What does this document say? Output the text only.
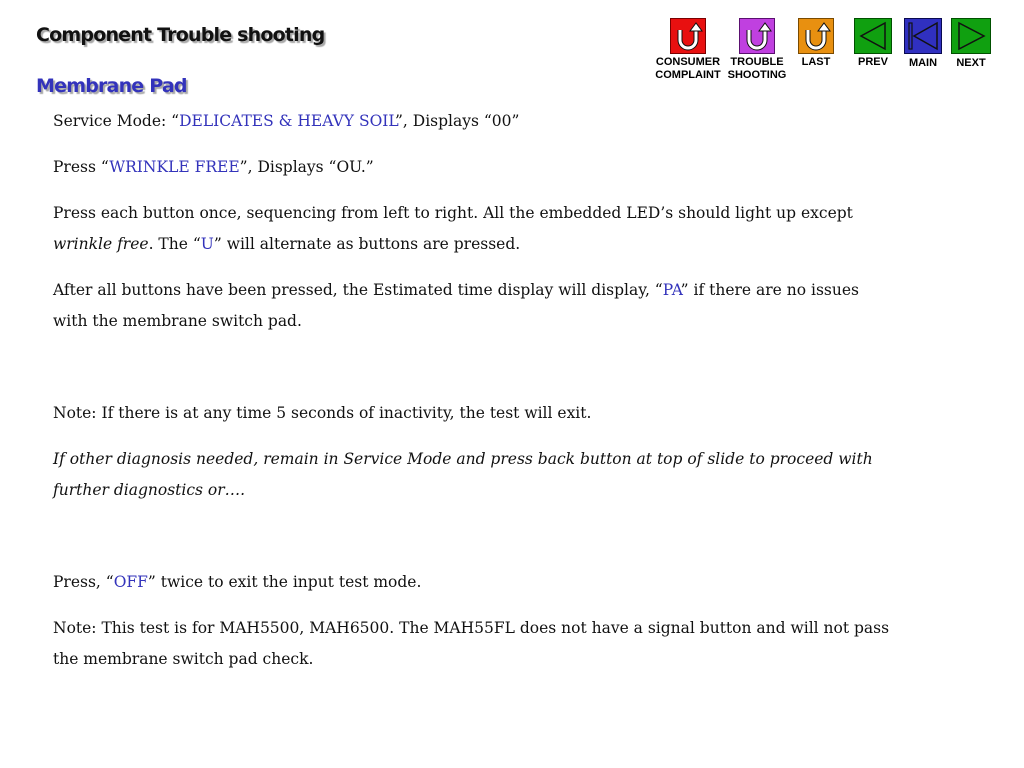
Component Trouble shooting
Membrane Pad
CONSUMER
COMPLAINT
TROUBLE
SHOOTING
LAST	PREV	MAIN	NEXT

Service Mode: “DELICATES & HEAVY SOIL”, Displays “00”

Press “WRINKLE FREE”, Displays “OU.”

Press each button once, sequencing from left to right. All the embedded LED’s should light up except wrinkle free. The “U” will alternate as buttons are pressed.

After all buttons have been pressed, the Estimated time display will display, “PA” if there are no issues with the membrane switch pad.

Note: If there is at any time 5 seconds of inactivity, the test will exit.

If other diagnosis needed, remain in Service Mode and press back button at top of slide to proceed with further diagnostics or….

Press, “OFF” twice to exit the input test mode.

Note: This test is for MAH5500, MAH6500. The MAH55FL does not have a signal button and will not pass the membrane switch pad check.
